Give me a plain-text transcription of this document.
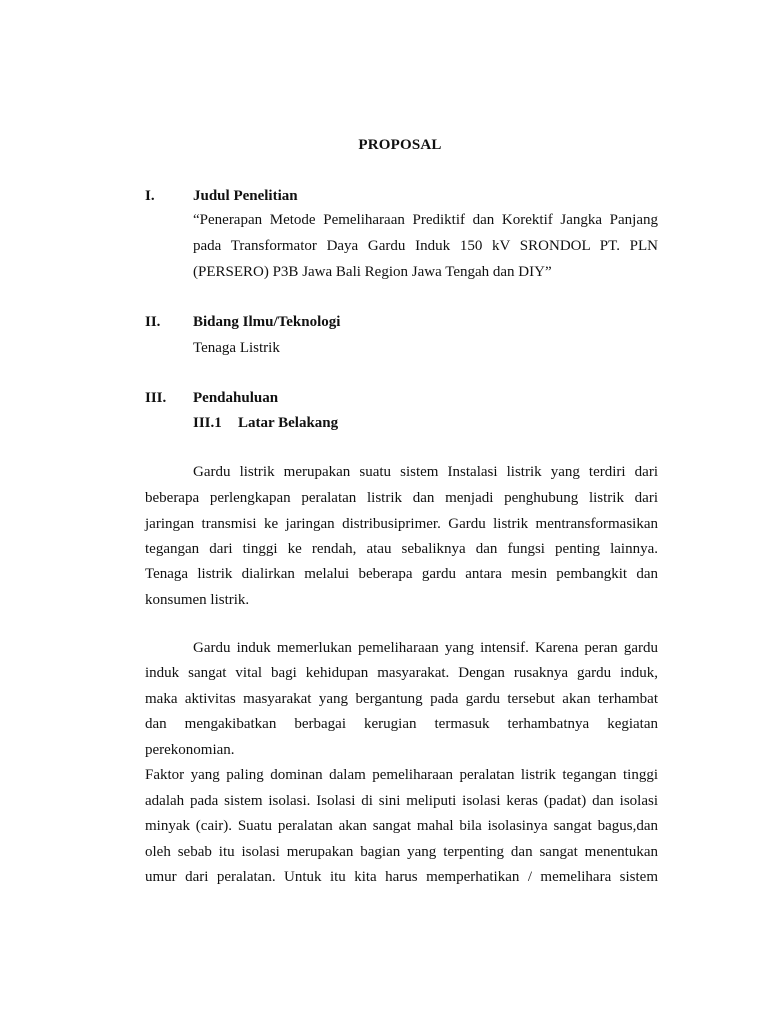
PROPOSAL
I.	Judul Penelitian
“Penerapan Metode Pemeliharaan Prediktif dan Korektif Jangka Panjang
pada Transformator Daya Gardu Induk 150 kV SRONDOL PT. PLN
(PERSERO) P3B Jawa Bali Region Jawa Tengah dan DIY”
II. Bidang Ilmu/Teknologi
Tenaga Listrik
III. Pendahuluan
III.1 Latar Belakang
Gardu listrik merupakan suatu sistem Instalasi listrik yang terdiri dari
beberapa perlengkapan peralatan listrik dan menjadi penghubung listrik dari
jaringan transmisi ke jaringan distribusiprimer. Gardu listrik mentransformasikan
tegangan dari tinggi ke rendah, atau sebaliknya dan fungsi penting lainnya.
Tenaga listrik dialirkan melalui beberapa gardu antara mesin pembangkit dan
konsumen listrik.
Gardu induk memerlukan pemeliharaan yang intensif. Karena peran gardu
induk sangat vital bagi kehidupan masyarakat. Dengan rusaknya gardu induk,
maka aktivitas masyarakat yang bergantung pada gardu tersebut akan terhambat
dan mengakibatkan berbagai kerugian termasuk terhambatnya kegiatan
perekonomian.
Faktor yang paling dominan dalam pemeliharaan peralatan listrik tegangan tinggi
adalah pada sistem isolasi. Isolasi di sini meliputi isolasi keras (padat) dan isolasi
minyak (cair). Suatu peralatan akan sangat mahal bila isolasinya sangat bagus,dan
oleh sebab itu isolasi merupakan bagian yang terpenting dan sangat menentukan
umur dari peralatan. Untuk itu kita harus memperhatikan / memelihara sistem
